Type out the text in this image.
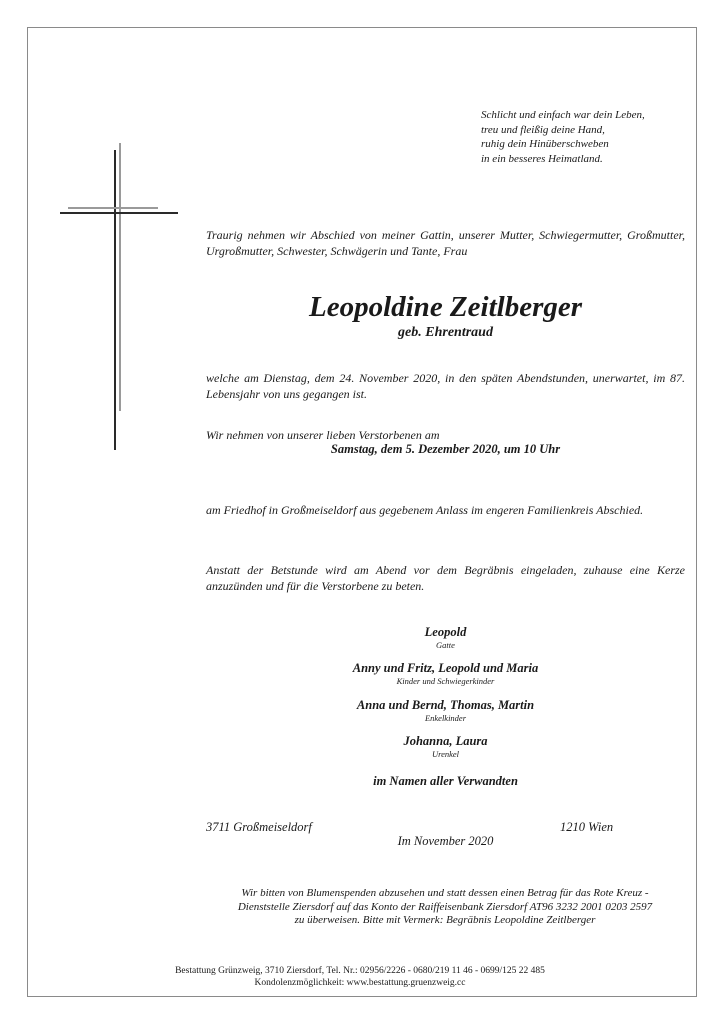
Schlicht und einfach war dein Leben,
treu und fleißig deine Hand,
ruhig dein Hinüberschweben
in ein besseres Heimatland.
Traurig nehmen wir Abschied von meiner Gattin, unserer Mutter, Schwiegermutter, Großmutter, Urgroßmutter, Schwester, Schwägerin und Tante, Frau
Leopoldine Zeitlberger
geb. Ehrentraud
welche am Dienstag, dem 24. November 2020, in den späten Abendstunden, unerwartet, im 87. Lebensjahr von uns gegangen ist.
Wir nehmen von unserer lieben Verstorbenen am
Samstag, dem 5. Dezember 2020, um 10 Uhr
am Friedhof in Großmeiseldorf aus gegebenem Anlass im engeren Familienkreis Abschied.
Anstatt der Betstunde wird am Abend vor dem Begräbnis eingeladen, zuhause eine Kerze anzuzünden und für die Verstorbene zu beten.
Leopold
Gatte
Anny und Fritz, Leopold und Maria
Kinder und Schwiegerkinder
Anna und Bernd, Thomas, Martin
Enkelkinder
Johanna, Laura
Urenkel
im Namen aller Verwandten
3711 Großmeiseldorf	1210 Wien
Im November 2020
Wir bitten von Blumenspenden abzusehen und statt dessen einen Betrag für das Rote Kreuz -
Dienststelle Ziersdorf auf das Konto der Raiffeisenbank Ziersdorf AT96 3232 2001 0203 2597
zu überweisen. Bitte mit Vermerk: Begräbnis Leopoldine Zeitlberger
Bestattung Grünzweig, 3710 Ziersdorf, Tel. Nr.: 02956/2226 - 0680/219 11 46 - 0699/125 22 485
Kondolenzmöglichkeit: www.bestattung.gruenzweig.cc
